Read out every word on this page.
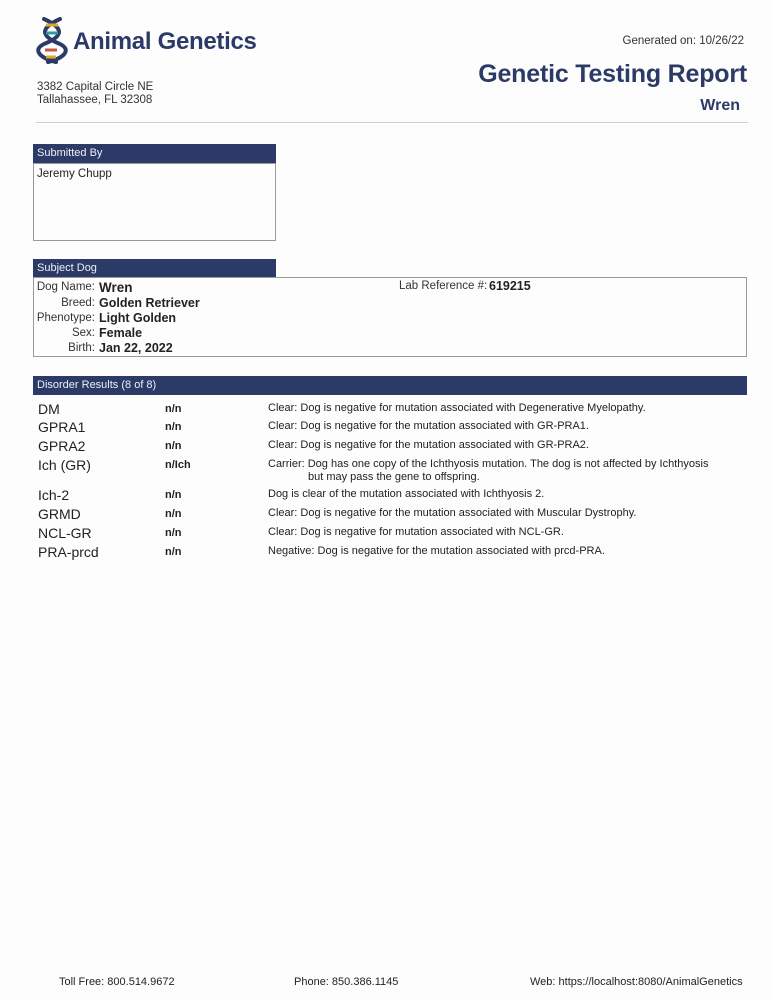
Animal Genetics
3382 Capital Circle NE
Tallahassee, FL 32308
Generated on: 10/26/22
Genetic Testing Report
Wren
Submitted By
Jeremy Chupp
Subject Dog
Dog Name: Wren
Breed: Golden Retriever
Phenotype: Light Golden
Sex: Female
Birth: Jan 22, 2022
Lab Reference #: 619215
Disorder Results (8 of 8)
DM	n/n	Clear: Dog is negative for mutation associated with Degenerative Myelopathy.
GPRA1	n/n	Clear: Dog is negative for the mutation associated with GR-PRA1.
GPRA2	n/n	Clear: Dog is negative for the mutation associated with GR-PRA2.
Ich (GR)	n/Ich	Carrier: Dog has one copy of the Ichthyosis mutation. The dog is not affected by Ichthyosis
but may pass the gene to offspring.
Ich-2	n/n	Dog is clear of the mutation associated with Ichthyosis 2.
GRMD	n/n	Clear: Dog is negative for the mutation associated with Muscular Dystrophy.
NCL-GR	n/n	Clear: Dog is negative for mutation associated with NCL-GR.
PRA-prcd	n/n	Negative: Dog is negative for the mutation associated with prcd-PRA.
Toll Free: 800.514.9672	Phone: 850.386.1145	Web: https://localhost:8080/AnimalGenetics
